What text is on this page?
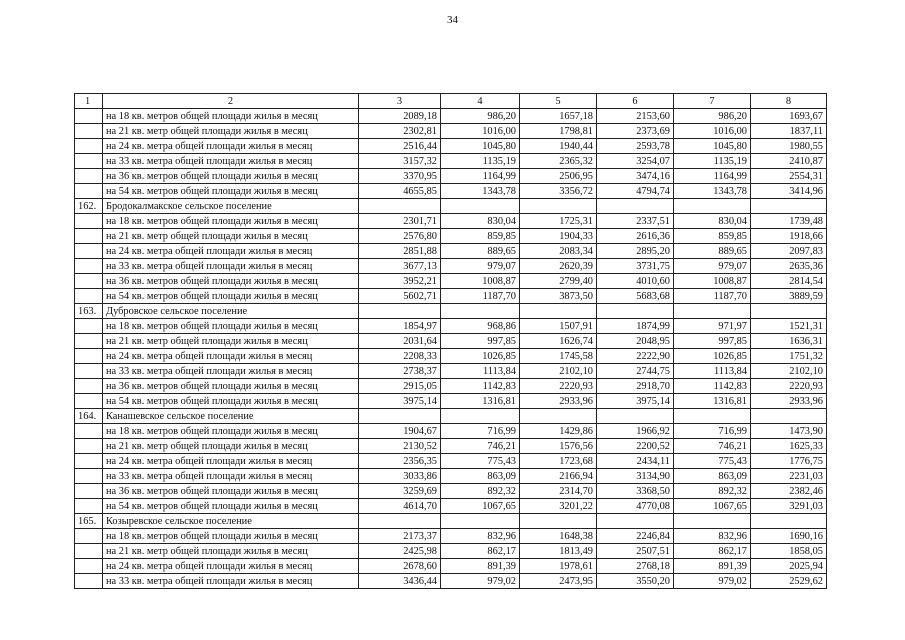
34
1	2	3	4	5	6	7	8
	на 18 кв. метров общей площади жилья в месяц	2089,18	986,20	1657,18	2153,60	986,20	1693,67
	на 21 кв. метр общей площади жилья в месяц	2302,81	1016,00	1798,81	2373,69	1016,00	1837,11
	на 24 кв. метра общей площади жилья в месяц	2516,44	1045,80	1940,44	2593,78	1045,80	1980,55
	на 33 кв. метра общей площади жилья в месяц	3157,32	1135,19	2365,32	3254,07	1135,19	2410,87
	на 36 кв. метров общей площади жилья в месяц	3370,95	1164,99	2506,95	3474,16	1164,99	2554,31
	на 54 кв. метров общей площади жилья в месяц	4655,85	1343,78	3356,72	4794,74	1343,78	3414,96
162.	Бродокалмакское сельское поселение						
	на 18 кв. метров общей площади жилья в месяц	2301,71	830,04	1725,31	2337,51	830,04	1739,48
	на 21 кв. метр общей площади жилья в месяц	2576,80	859,85	1904,33	2616,36	859,85	1918,66
	на 24 кв. метра общей площади жилья в месяц	2851,88	889,65	2083,34	2895,20	889,65	2097,83
	на 33 кв. метра общей площади жилья в месяц	3677,13	979,07	2620,39	3731,75	979,07	2635,36
	на 36 кв. метров общей площади жилья в месяц	3952,21	1008,87	2799,40	4010,60	1008,87	2814,54
	на 54 кв. метров общей площади жилья в месяц	5602,71	1187,70	3873,50	5683,68	1187,70	3889,59
163.	Дубровское сельское поселение						
	на 18 кв. метров общей площади жилья в месяц	1854,97	968,86	1507,91	1874,99	971,97	1521,31
	на 21 кв. метр общей площади жилья в месяц	2031,64	997,85	1626,74	2048,95	997,85	1636,31
	на 24 кв. метра общей площади жилья в месяц	2208,33	1026,85	1745,58	2222,90	1026,85	1751,32
	на 33 кв. метра общей площади жилья в месяц	2738,37	1113,84	2102,10	2744,75	1113,84	2102,10
	на 36 кв. метров общей площади жилья в месяц	2915,05	1142,83	2220,93	2918,70	1142,83	2220,93
	на 54 кв. метров общей площади жилья в месяц	3975,14	1316,81	2933,96	3975,14	1316,81	2933,96
164.	Канашевское сельское поселение						
	на 18 кв. метров общей площади жилья в месяц	1904,67	716,99	1429,86	1966,92	716,99	1473,90
	на 21 кв. метр общей площади жилья в месяц	2130,52	746,21	1576,56	2200,52	746,21	1625,33
	на 24 кв. метра общей площади жилья в месяц	2356,35	775,43	1723,68	2434,11	775,43	1776,75
	на 33 кв. метра общей площади жилья в месяц	3033,86	863,09	2166,94	3134,90	863,09	2231,03
	на 36 кв. метров общей площади жилья в месяц	3259,69	892,32	2314,70	3368,50	892,32	2382,46
	на 54 кв. метров общей площади жилья в месяц	4614,70	1067,65	3201,22	4770,08	1067,65	3291,03
165.	Козыревское сельское поселение						
	на 18 кв. метров общей площади жилья в месяц	2173,37	832,96	1648,38	2246,84	832,96	1690,16
	на 21 кв. метр общей площади жилья в месяц	2425,98	862,17	1813,49	2507,51	862,17	1858,05
	на 24 кв. метра общей площади жилья в месяц	2678,60	891,39	1978,61	2768,18	891,39	2025,94
	на 33 кв. метра общей площади жилья в месяц	3436,44	979,02	2473,95	3550,20	979,02	2529,62
